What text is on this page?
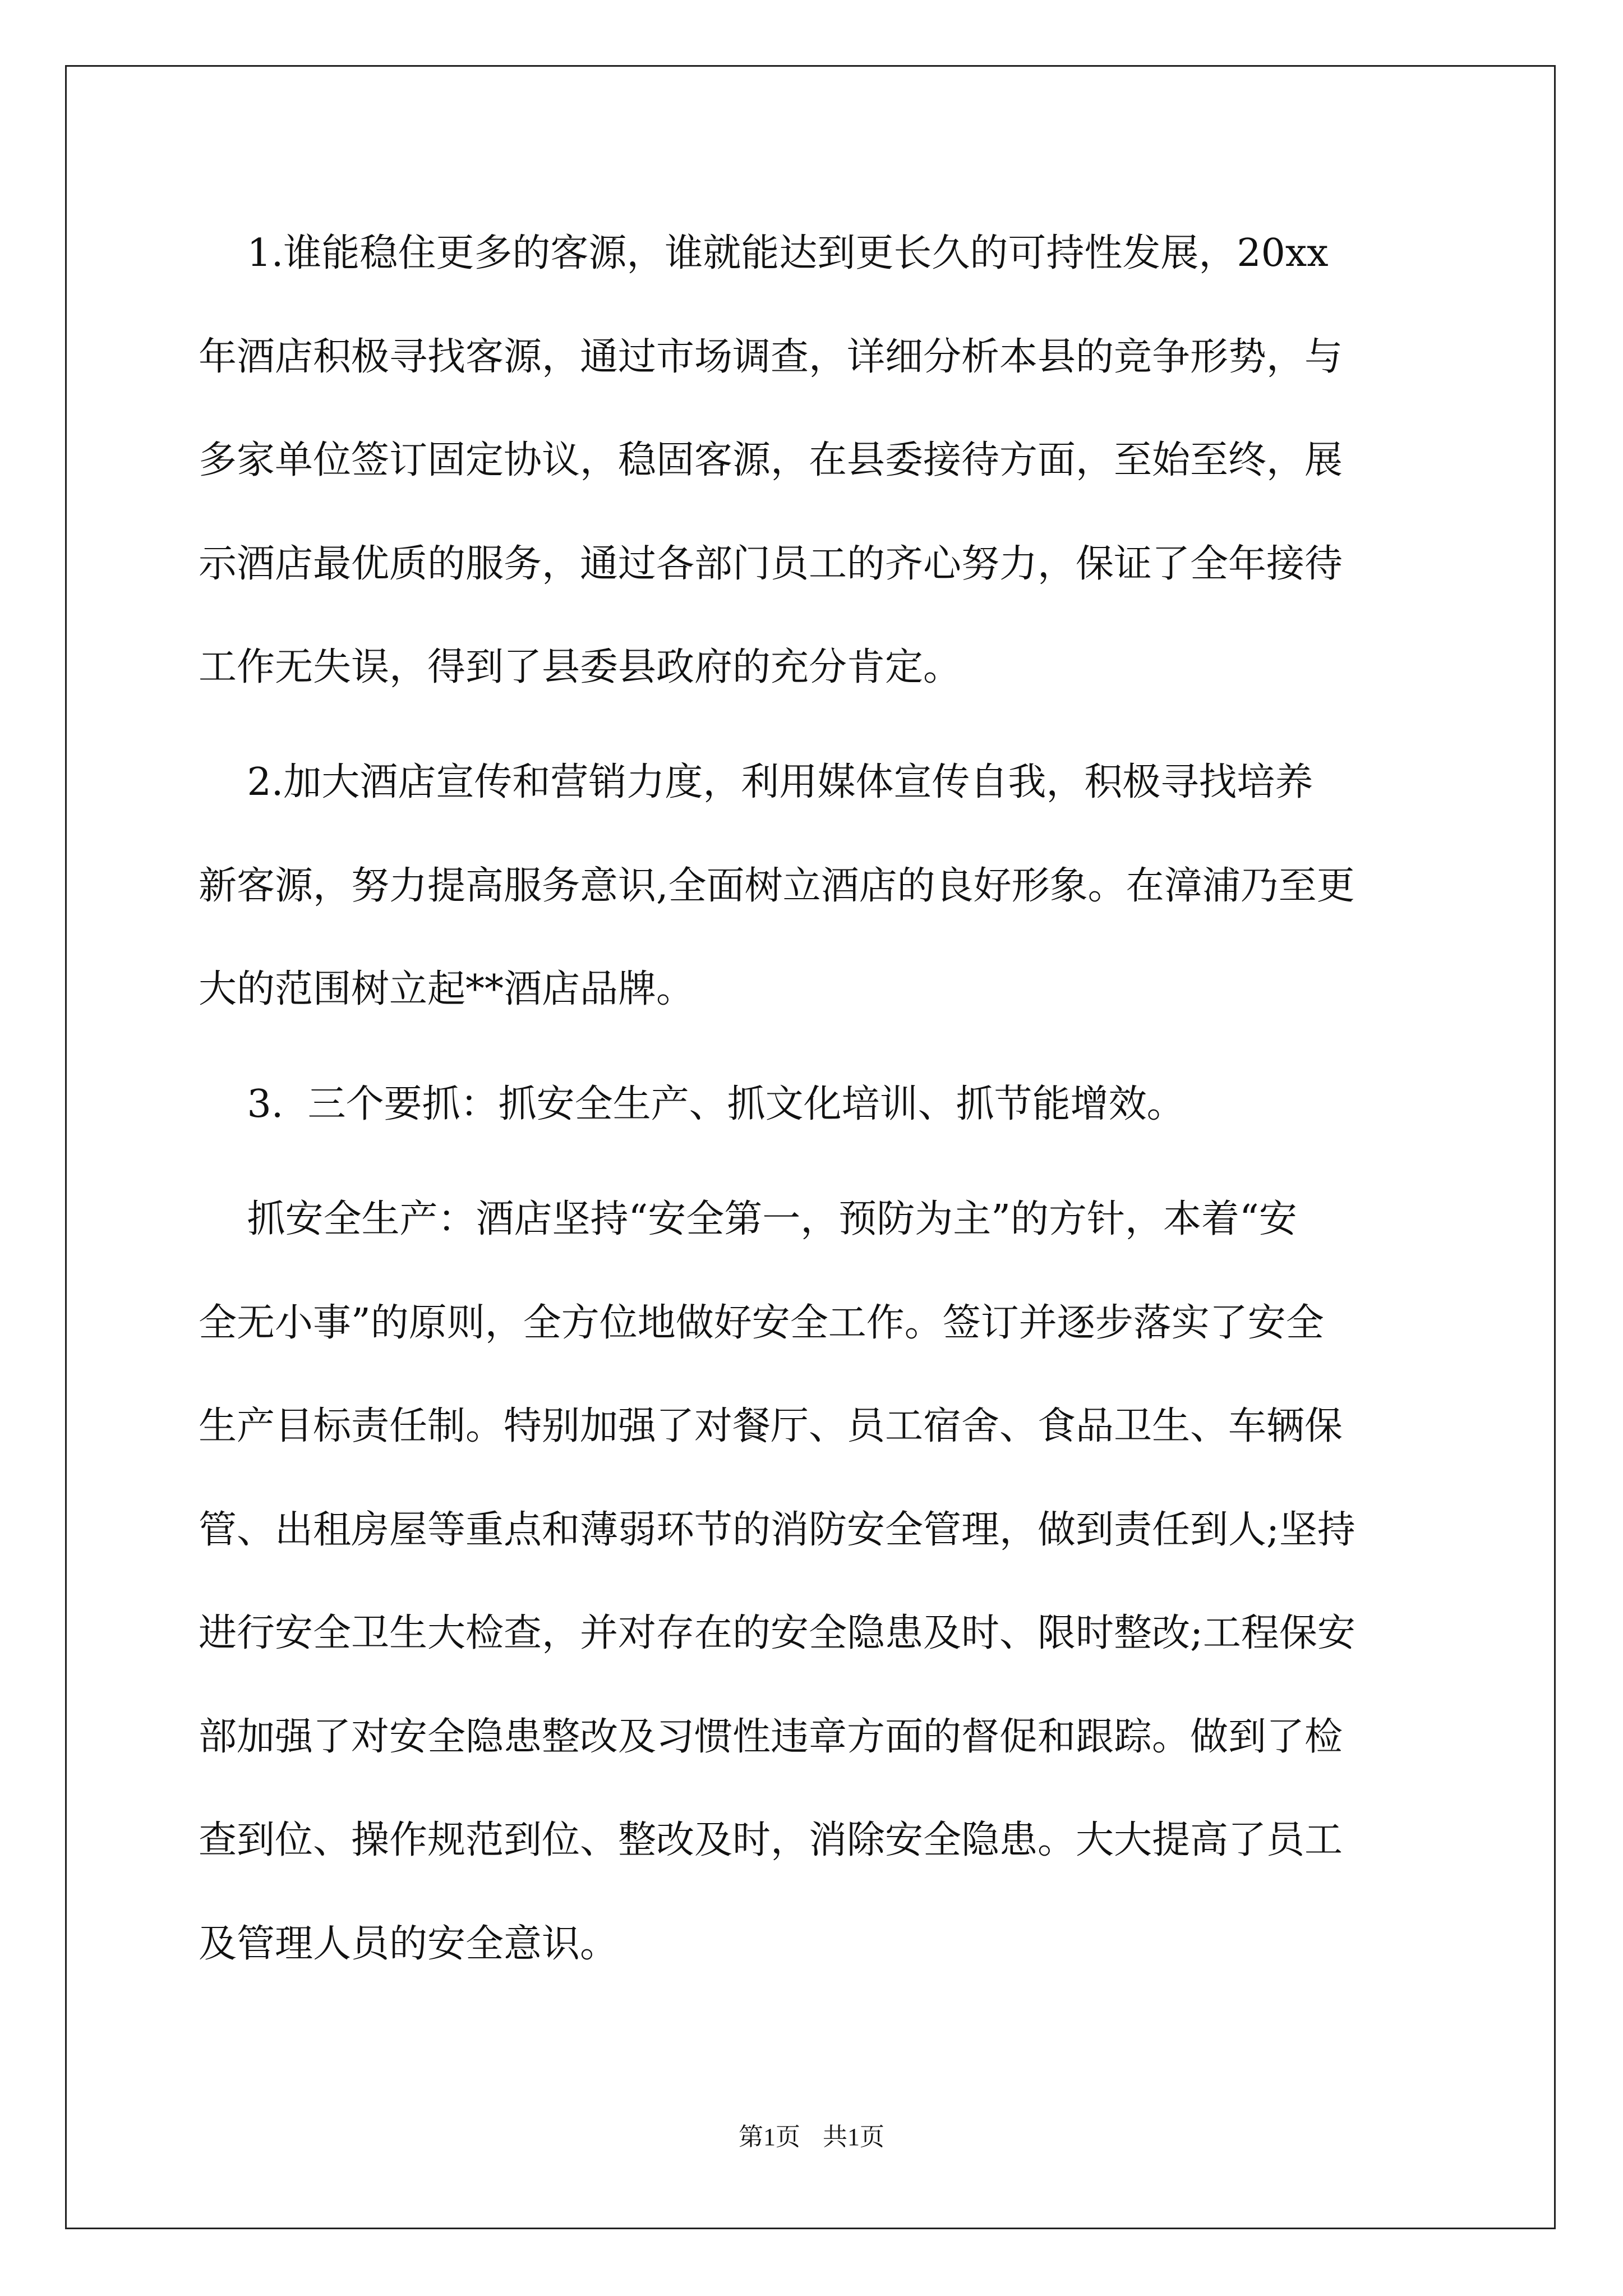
1.谁能稳住更多的客源，谁就能达到更长久的可持性发展，20xx
年酒店积极寻找客源，通过市场调查，详细分析本县的竞争形势，与
多家单位签订固定协议，稳固客源，在县委接待方面，至始至终，展
示酒店最优质的服务，通过各部门员工的齐心努力，保证了全年接待
工作无失误，得到了县委县政府的充分肯定。
2.加大酒店宣传和营销力度，利用媒体宣传自我，积极寻找培养
新客源，努力提高服务意识,全面树立酒店的良好形象。在漳浦乃至更
大的范围树立起**酒店品牌。
3.  三个要抓：抓安全生产、抓文化培训、抓节能增效。
抓安全生产：酒店坚持“安全第一，预防为主”的方针，本着“安
全无小事”的原则，全方位地做好安全工作。签订并逐步落实了安全
生产目标责任制。特别加强了对餐厅、员工宿舍、食品卫生、车辆保
管、出租房屋等重点和薄弱环节的消防安全管理，做到责任到人;坚持
进行安全卫生大检查，并对存在的安全隐患及时、限时整改;工程保安
部加强了对安全隐患整改及习惯性违章方面的督促和跟踪。做到了检
查到位、操作规范到位、整改及时，消除安全隐患。大大提高了员工
及管理人员的安全意识。
第1页 共1页
